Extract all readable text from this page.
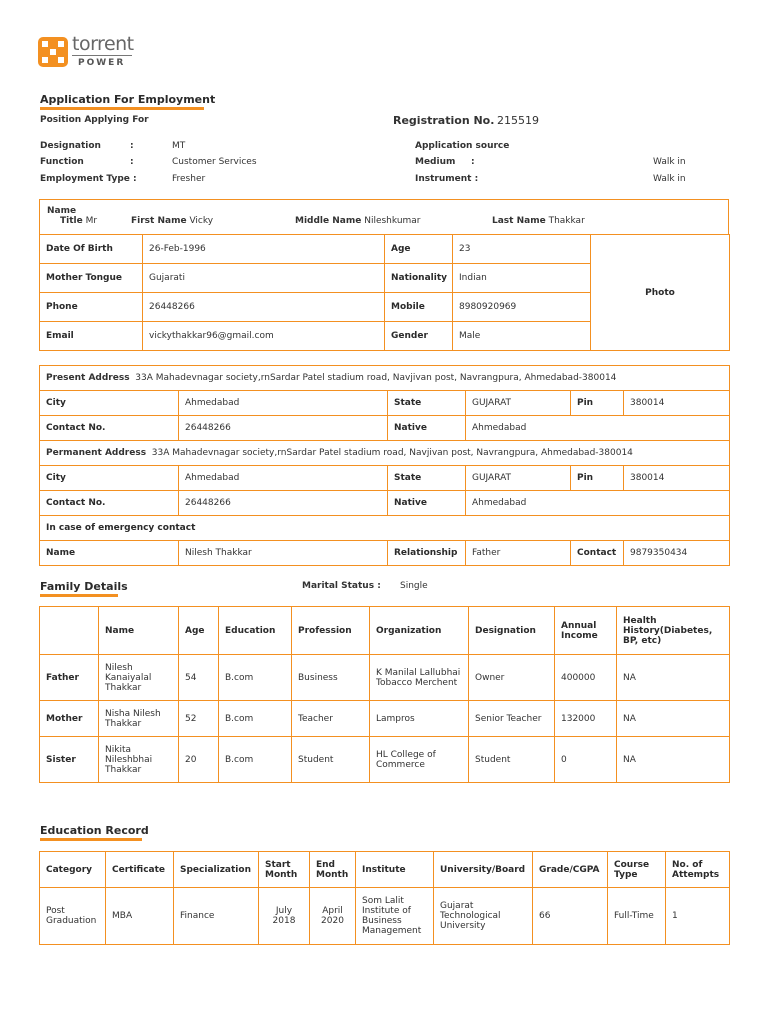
torrent
POWER
Application For Employment
Position Applying For	Registration No. 215519
Designation	:	MT
Function	:	Customer Services
Employment Type :	Fresher
Application source
Medium :	Walk in
Instrument :	Walk in
Name
Title Mr	First Name Vicky	Middle Name Nileshkumar	Last Name Thakkar
Date Of Birth	26-Feb-1996	Age	23	Photo
Mother Tongue	Gujarati	Nationality	Indian	
Phone	26448266	Mobile	8980920969	
Email	vickythakkar96@gmail.com	Gender	Male	
Present Address 33A Mahadevnagar society,rnSardar Patel stadium road, Navjivan post, Navrangpura, Ahmedabad-380014					
City	Ahmedabad	State	GUJARAT	Pin	380014
Contact No.	26448266	Native	Ahmedabad		
Permanent Address 33A Mahadevnagar society,rnSardar Patel stadium road, Navjivan post, Navrangpura, Ahmedabad-380014					
City	Ahmedabad	State	GUJARAT	Pin	380014
Contact No.	26448266	Native	Ahmedabad		
In case of emergency contact					
Name	Nilesh Thakkar	Relationship	Father	Contact	9879350434
Family Details	Marital Status : Single
	Name	Age	Education	Profession	Organization	Designation	Annual Income	Health History(Diabetes, BP, etc)
Father	Nilesh Kanaiyalal Thakkar	54	B.com	Business	K Manilal Lallubhai Tobacco Merchent	Owner	400000	NA
Mother	Nisha Nilesh Thakkar	52	B.com	Teacher	Lampros	Senior Teacher	132000	NA
Sister	Nikita Nileshbhai Thakkar	20	B.com	Student	HL College of Commerce	Student	0	NA
Education Record
Category	Certificate	Specialization	Start Month	End Month	Institute	University/Board	Grade/CGPA	Course Type	No. of Attempts
Post Graduation	MBA	Finance	July 2018	April 2020	Som Lalit Institute of Business Management	Gujarat Technological University	66	Full-Time	1
